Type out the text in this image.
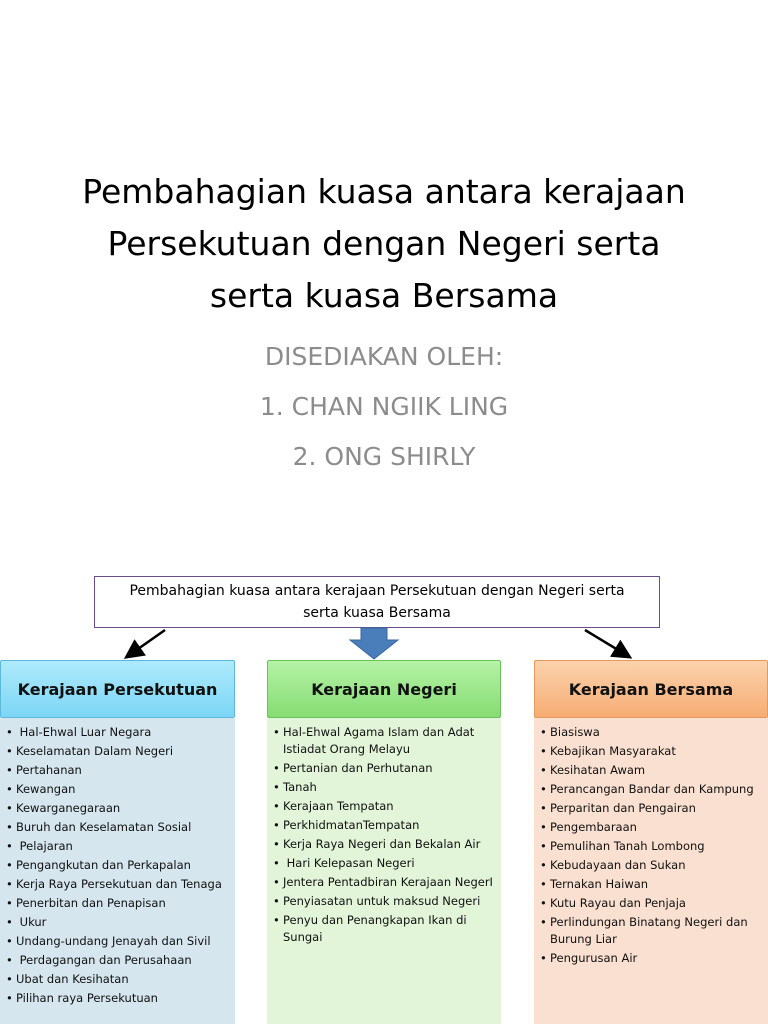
Pembahagian kuasa antara kerajaan
Persekutuan dengan Negeri serta
serta kuasa Bersama
DISEDIAKAN OLEH:
1. CHAN NGIIK LING
2. ONG SHIRLY
Pembahagian kuasa antara kerajaan Persekutuan dengan Negeri serta
serta kuasa Bersama
Kerajaan Persekutuan
• Hal-Ehwal Luar Negara
• Keselamatan Dalam Negeri
• Pertahanan
• Kewangan
• Kewarganegaraan
• Buruh dan Keselamatan Sosial
• Pelajaran
• Pengangkutan dan Perkapalan
• Kerja Raya Persekutuan dan Tenaga
• Penerbitan dan Penapisan
• Ukur
• Undang-undang Jenayah dan Sivil
• Perdagangan dan Perusahaan
• Ubat dan Kesihatan
• Pilihan raya Persekutuan
Kerajaan Negeri
• Hal-Ehwal Agama Islam dan Adat Istiadat Orang Melayu
• Pertanian dan Perhutanan
• Tanah
• Kerajaan Tempatan
• PerkhidmatanTempatan
• Kerja Raya Negeri dan Bekalan Air
• Hari Kelepasan Negeri
• Jentera Pentadbiran Kerajaan NegerI
• Penyiasatan untuk maksud Negeri
• Penyu dan Penangkapan Ikan di Sungai
Kerajaan Bersama
• Biasiswa
• Kebajikan Masyarakat
• Kesihatan Awam
• Perancangan Bandar dan Kampung
• Perparitan dan Pengairan
• Pengembaraan
• Pemulihan Tanah Lombong
• Kebudayaan dan Sukan
• Ternakan Haiwan
• Kutu Rayau dan Penjaja
• Perlindungan Binatang Negeri dan Burung Liar
• Pengurusan Air
